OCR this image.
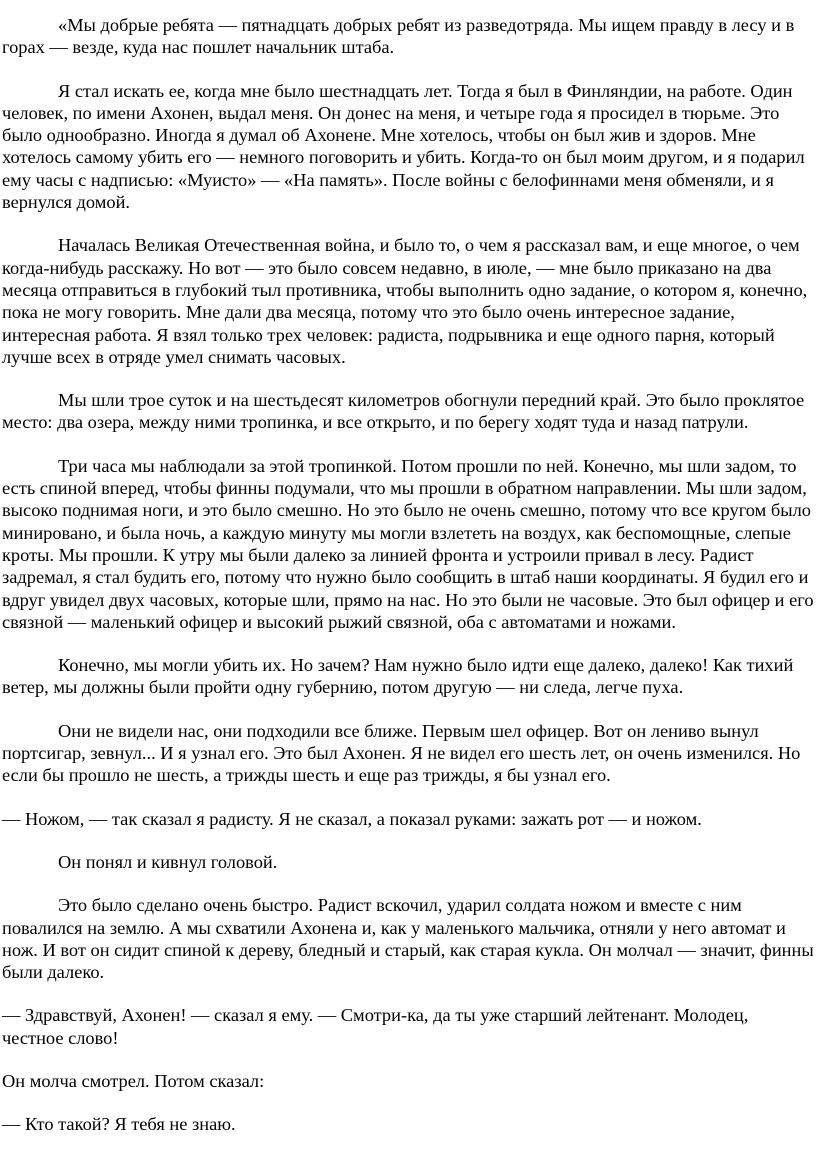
«Мы добрые ребята — пятнадцать добрых ребят из разведотряда. Мы ищем правду в лесу и в горах — везде, куда нас пошлет начальник штаба.

Я стал искать ее, когда мне было шестнадцать лет. Тогда я был в Финляндии, на работе. Один человек, по имени Ахонен, выдал меня. Он донес на меня, и четыре года я просидел в тюрьме. Это было однообразно. Иногда я думал об Ахонене. Мне хотелось, чтобы он был жив и здоров. Мне хотелось самому убить его — немного поговорить и убить. Когда-то он был моим другом, и я подарил ему часы с надписью: «Муисто» — «На память». После войны с белофиннами меня обменяли, и я вернулся домой.

Началась Великая Отечественная война, и было то, о чем я рассказал вам, и еще многое, о чем когда-нибудь расскажу. Но вот — это было совсем недавно, в июле, — мне было приказано на два месяца отправиться в глубокий тыл противника, чтобы выполнить одно задание, о котором я, конечно, пока не могу говорить. Мне дали два месяца, потому что это было очень интересное задание, интересная работа. Я взял только трех человек: радиста, подрывника и еще одного парня, который лучше всех в отряде умел снимать часовых.

Мы шли трое суток и на шестьдесят километров обогнули передний край. Это было проклятое место: два озера, между ними тропинка, и все открыто, и по берегу ходят туда и назад патрули.

Три часа мы наблюдали за этой тропинкой. Потом прошли по ней. Конечно, мы шли задом, то есть спиной вперед, чтобы финны подумали, что мы прошли в обратном направлении. Мы шли задом, высоко поднимая ноги, и это было смешно. Но это было не очень смешно, потому что все кругом было минировано, и была ночь, а каждую минуту мы могли взлететь на воздух, как беспомощные, слепые кроты. Мы прошли. К утру мы были далеко за линией фронта и устроили привал в лесу. Радист задремал, я стал будить его, потому что нужно было сообщить в штаб наши координаты. Я будил его и вдруг увидел двух часовых, которые шли, прямо на нас. Но это были не часовые. Это был офицер и его связной — маленький офицер и высокий рыжий связной, оба с автоматами и ножами.

Конечно, мы могли убить их. Но зачем? Нам нужно было идти еще далеко, далеко! Как тихий ветер, мы должны были пройти одну губернию, потом другую — ни следа, легче пуха.

Они не видели нас, они подходили все ближе. Первым шел офицер. Вот он лениво вынул портсигар, зевнул... И я узнал его. Это был Ахонен. Я не видел его шесть лет, он очень изменился. Но если бы прошло не шесть, а трижды шесть и еще раз трижды, я бы узнал его.

— Ножом, — так сказал я радисту. Я не сказал, а показал руками: зажать рот — и ножом.

Он понял и кивнул головой.

Это было сделано очень быстро. Радист вскочил, ударил солдата ножом и вместе с ним повалился на землю. А мы схватили Ахонена и, как у маленького мальчика, отняли у него автомат и нож. И вот он сидит спиной к дереву, бледный и старый, как старая кукла. Он молчал — значит, финны были далеко.

— Здравствуй, Ахонен! — сказал я ему. — Смотри-ка, да ты уже старший лейтенант. Молодец, честное слово!

Он молча смотрел. Потом сказал:

— Кто такой? Я тебя не знаю.
